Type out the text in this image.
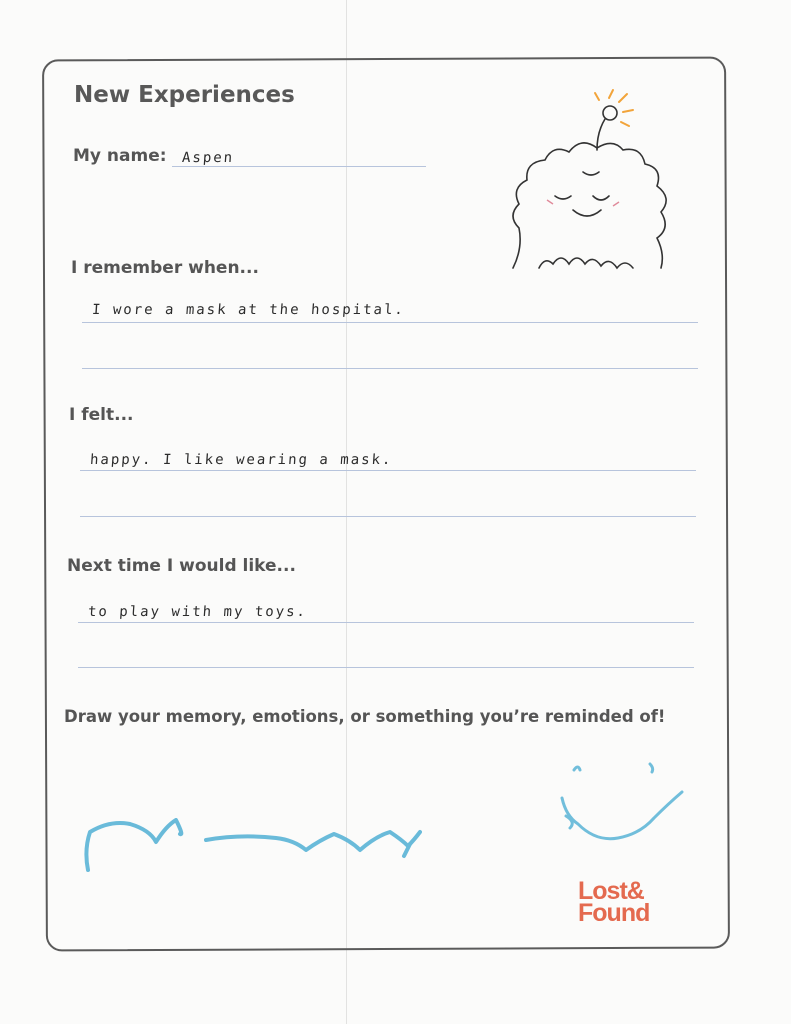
New Experiences
My name: Aspen
I remember when...
I wore a mask at the hospital.
I felt...
happy. I like wearing a mask.
Next time I would like...
to play with my toys.
Draw your memory, emotions, or something you’re reminded of!
Lost&
Found
